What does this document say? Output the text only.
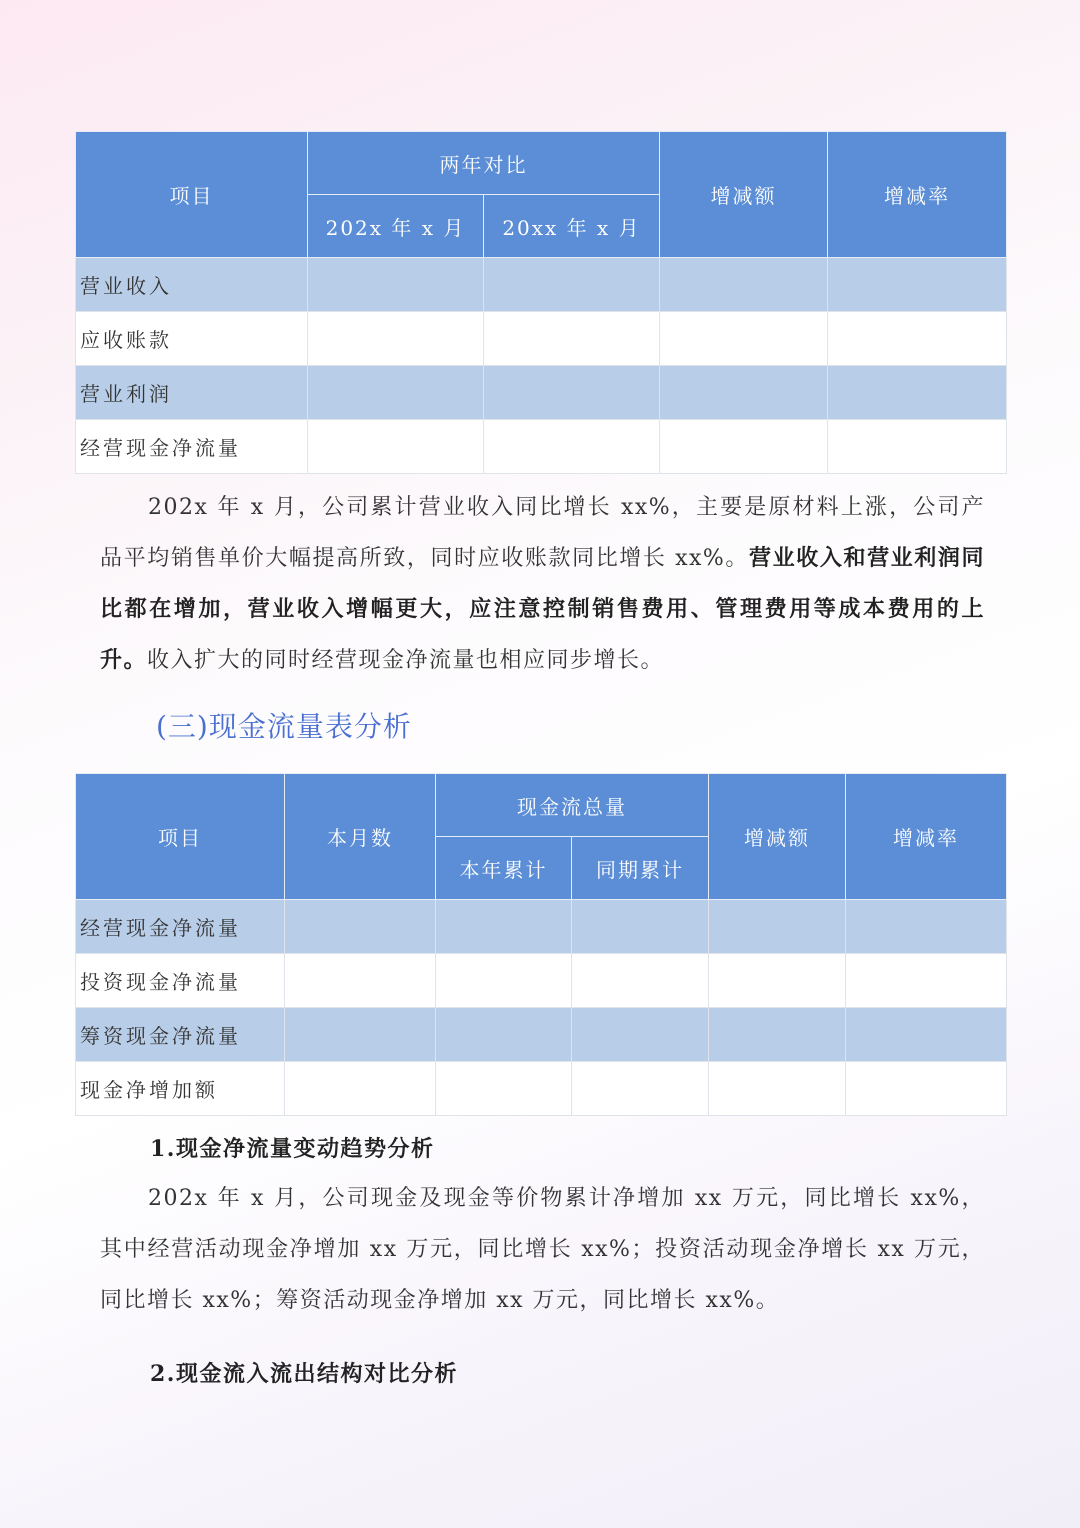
项目	两年对比		增减额	增减率
	202x 年 x 月	20xx 年 x 月		
营业收入				
应收账款				
营业利润				
经营现金净流量				
202x 年 x 月，公司累计营业收入同比增长 xx%，主要是原材料上涨，公司产品平均销售单价大幅提高所致，同时应收账款同比增长 xx%。营业收入和营业利润同比都在增加，营业收入增幅更大，应注意控制销售费用、管理费用等成本费用的上升。收入扩大的同时经营现金净流量也相应同步增长。
(三)现金流量表分析
项目	本月数	现金流总量		增减额	增减率
		本年累计	同期累计		
经营现金净流量					
投资现金净流量					
筹资现金净流量					
现金净增加额					
1.现金净流量变动趋势分析
202x 年 x 月，公司现金及现金等价物累计净增加 xx 万元，同比增长 xx%，其中经营活动现金净增加 xx 万元，同比增长 xx%；投资活动现金净增长 xx 万元，同比增长 xx%；筹资活动现金净增加 xx 万元，同比增长 xx%。
2.现金流入流出结构对比分析
